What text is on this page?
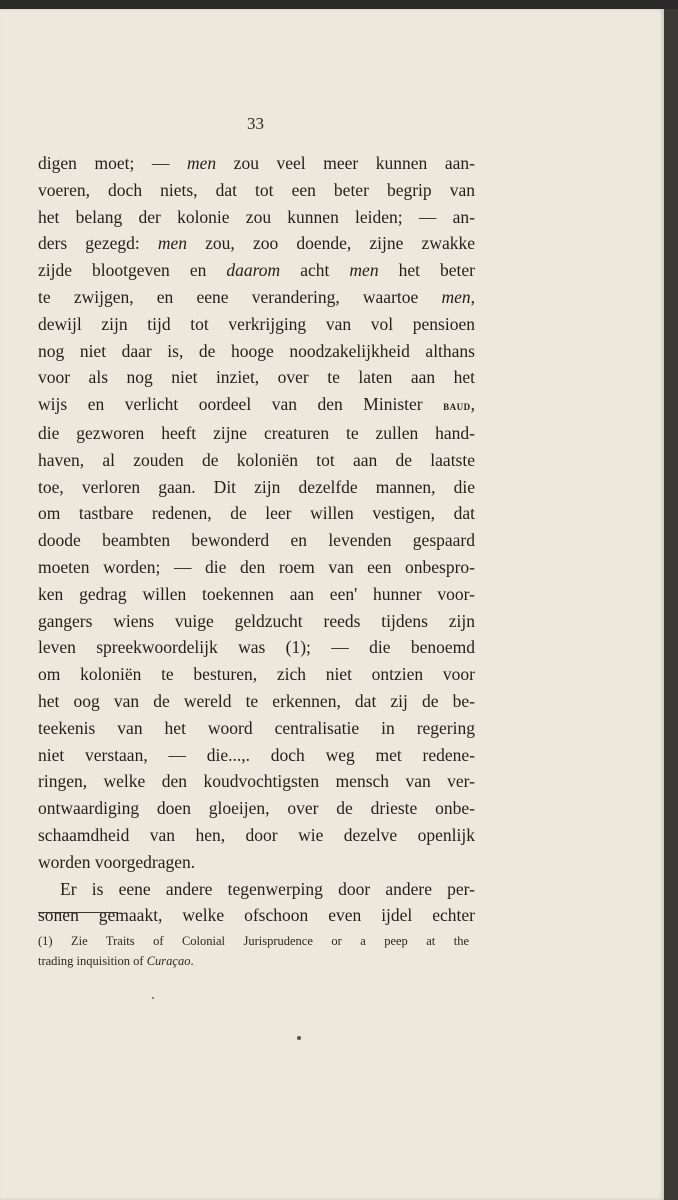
33
digen moet; — men zou veel meer kunnen aan-
voeren, doch niets, dat tot een beter begrip van
het belang der kolonie zou kunnen leiden; — an-
ders gezegd: men zou, zoo doende, zijne zwakke
zijde blootgeven en daarom acht men het beter
te zwijgen, en eene verandering, waartoe men,
dewijl zijn tijd tot verkrijging van vol pensioen
nog niet daar is, de hooge noodzakelijkheid althans
voor als nog niet inziet, over te laten aan het
wijs en verlicht oordeel van den Minister baud,
die gezworen heeft zijne creaturen te zullen hand-
haven, al zouden de koloniën tot aan de laatste
toe, verloren gaan. Dit zijn dezelfde mannen, die
om tastbare redenen, de leer willen vestigen, dat
doode beambten bewonderd en levenden gespaard
moeten worden; — die den roem van een onbespro-
ken gedrag willen toekennen aan een' hunner voor-
gangers wiens vuige geldzucht reeds tijdens zijn
leven spreekwoordelijk was (1); — die benoemd
om koloniën te besturen, zich niet ontzien voor
het oog van de wereld te erkennen, dat zij de be-
teekenis van het woord centralisatie in regering
niet verstaan, — die...,. doch weg met redene-
ringen, welke den koudvochtigsten mensch van ver-
ontwaardiging doen gloeijen, over de drieste onbe-
schaamdheid van hen, door wie dezelve openlijk
worden voorgedragen.
Er is eene andere tegenwerping door andere per-
sonen gemaakt, welke ofschoon even ijdel echter
(1) Zie Traits of Colonial Jurisprudence or a peep at the
trading inquisition of Curaçao.
